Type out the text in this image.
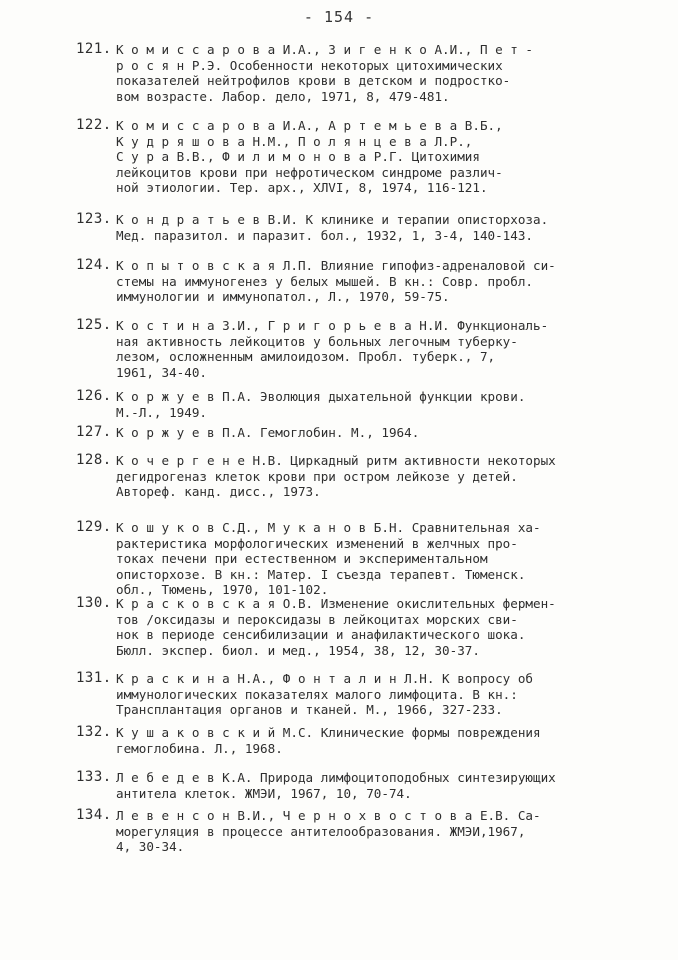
- 154 -
121. К о м и с с а р о в а И.А., З и г е н к о А.И., П е т -
р о с я н Р.Э. Особенности некоторых цитохимических
показателей нейтрофилов крови в детском и подростко-
вом возрасте. Лабор. дело, 1971, 8, 479-481.
122. К о м и с с а р о в а И.А., А р т е м ь е в а В.Б.,
К у д р я ш о в а Н.М., П о л я н ц е в а Л.Р.,
С у р а В.В., Ф и л и м о н о в а Р.Г. Цитохимия
лейкоцитов крови при нефротическом синдроме различ-
ной этиологии. Тер. арх., ХЛVI, 8, 1974, 116-121.
123. К о н д р а т ь е в В.И. К клинике и терапии описторхоза.
Мед. паразитол. и паразит. бол., 1932, 1, 3-4, 140-143.
124. К о п ы т о в с к а я Л.П. Влияние гипофиз-адреналовой си-
стемы на иммуногенез у белых мышей. В кн.: Совр. пробл.
иммунологии и иммунопатол., Л., 1970, 59-75.
125. К о с т и н а З.И., Г р и г о р ь е в а Н.И. Функциональ-
ная активность лейкоцитов у больных легочным туберку-
лезом, осложненным амилоидозом. Пробл. туберк., 7,
1961, 34-40.
126. К о р ж у е в П.А. Эволюция дыхательной функции крови.
М.-Л., 1949.
127. К о р ж у е в П.А. Гемоглобин. М., 1964.
128. К о ч е р г е н е Н.В. Циркадный ритм активности некоторых
дегидрогеназ клеток крови при остром лейкозе у детей.
Автореф. канд. дисс., 1973.
129. К о ш у к о в С.Д., М у к а н о в Б.Н. Сравнительная ха-
рактеристика морфологических изменений в желчных про-
токах печени при естественном и экспериментальном
описторхозе. В кн.: Матер. I съезда терапевт. Тюменск.
обл., Тюмень, 1970, 101-102.
130. К р а с к о в с к а я О.В. Изменение окислительных фермен-
тов /оксидазы и пероксидазы в лейкоцитах морских сви-
нок в периоде сенсибилизации и анафилактического шока.
Бюлл. экспер. биол. и мед., 1954, 38, 12, 30-37.
131. К р а с к и н а Н.А., Ф о н т а л и н Л.Н. К вопросу об
иммунологических показателях малого лимфоцита. В кн.:
Трансплантация органов и тканей. М., 1966, 327-233.
132. К у ш а к о в с к и й М.С. Клинические формы повреждения
гемоглобина. Л., 1968.
133. Л е б е д е в К.А. Природа лимфоцитоподобных синтезирующих
антитела клеток. ЖМЭИ, 1967, 10, 70-74.
134. Л е в е н с о н В.И., Ч е р н о х в о с т о в а Е.В. Са-
морегуляция в процессе антителообразования. ЖМЭИ,1967,
4, 30-34.
